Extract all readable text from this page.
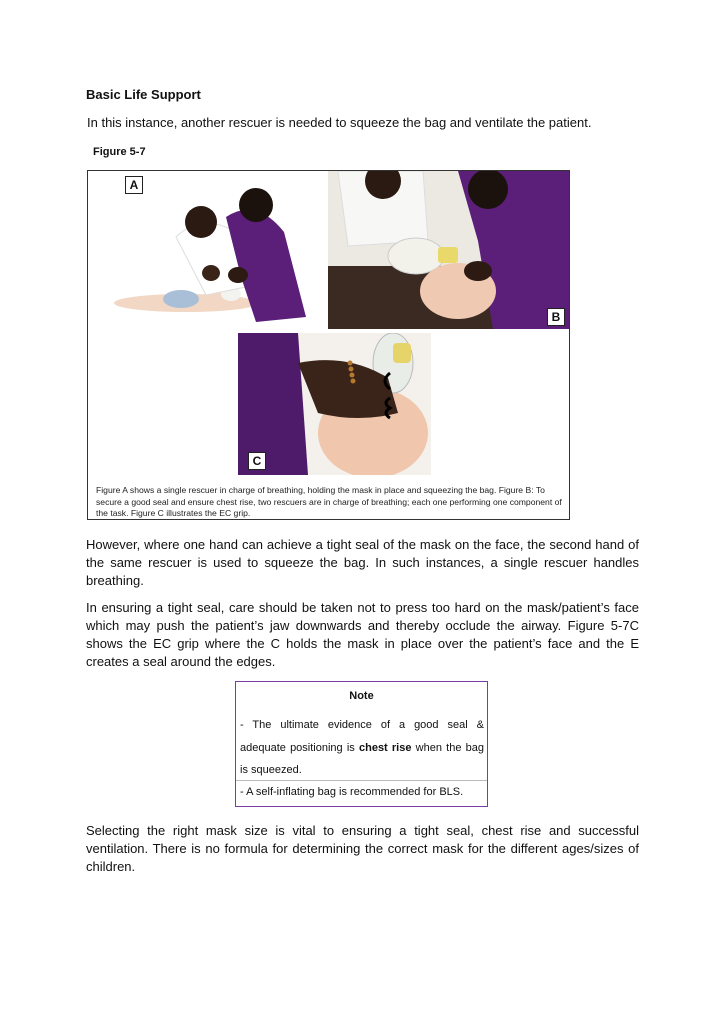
Basic Life Support
In this instance, another rescuer is needed to squeeze the bag and ventilate the patient.
Figure 5-7
A
B
C
Figure A shows a single rescuer in charge of breathing, holding the mask in place and squeezing the bag. Figure B: To secure a good seal and ensure chest rise, two rescuers are in charge of breathing; each one performing one component of the task. Figure C illustrates the EC grip.
However, where one hand can achieve a tight seal of the mask on the face, the second hand of the same rescuer is used to squeeze the bag. In such instances, a single rescuer handles breathing.
In ensuring a tight seal, care should be taken not to press too hard on the mask/patient’s face which may push the patient’s jaw downwards and thereby occlude the airway. Figure 5-7C shows the EC grip where the C holds the mask in place over the patient’s face and the E creates a seal around the edges.
Note
- The ultimate evidence of a good seal & adequate positioning is chest rise when the bag is squeezed.
- A self-inflating bag is recommended for BLS.
Selecting the right mask size is vital to ensuring a tight seal, chest rise and successful ventilation. There is no formula for determining the correct mask for the different ages/sizes of children.
